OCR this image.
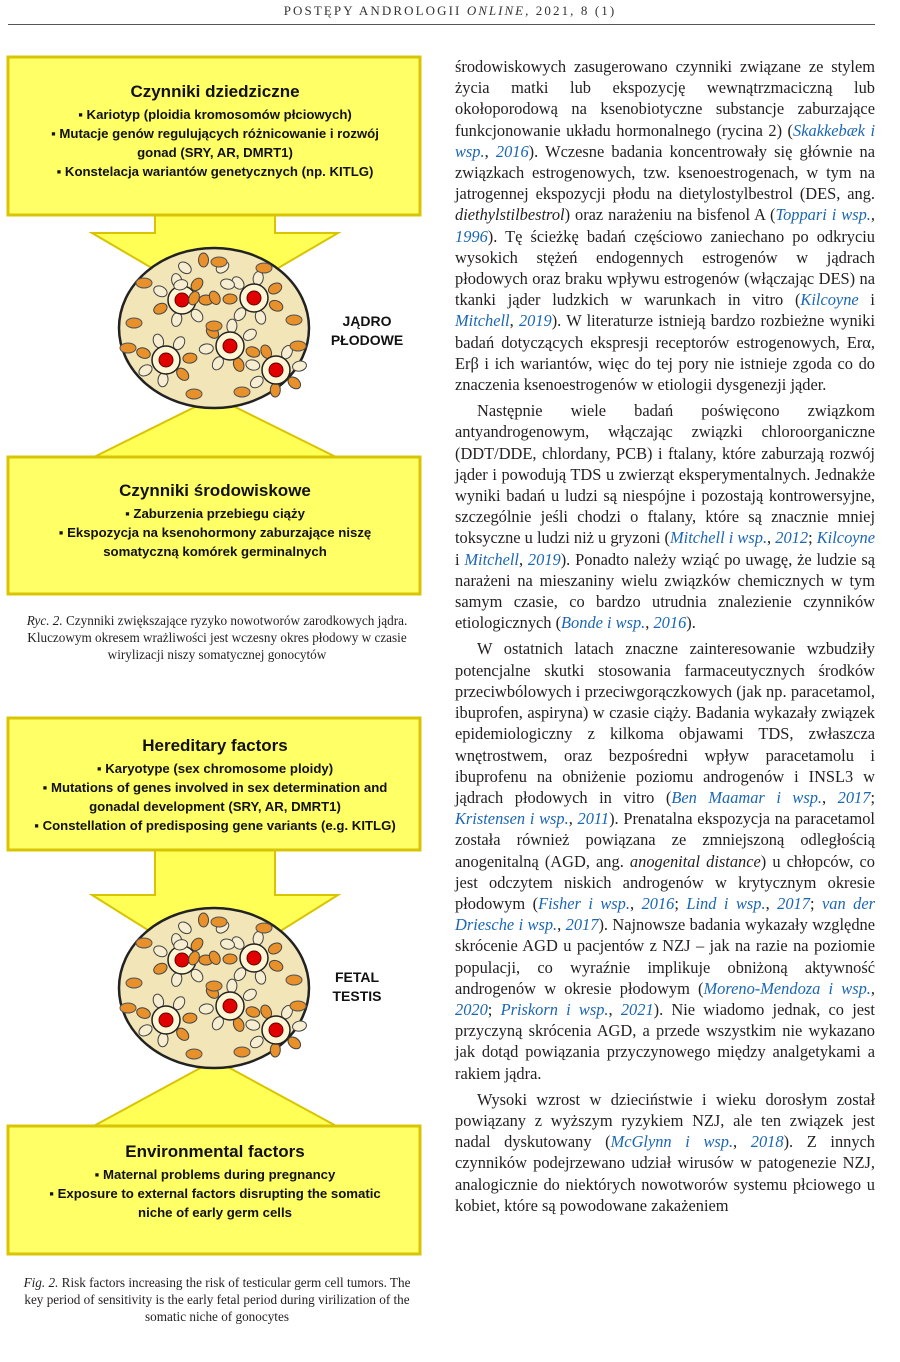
POSTĘPY ANDROLOGII ONLINE, 2021, 8 (1)
Czynniki dziedziczne
▪ Kariotyp (ploidia kromosomów płciowych)
▪ Mutacje genów regulujących różnicowanie i rozwój
gonad (SRY, AR, DMRT1)
▪ Konstelacja wariantów genetycznych (np. KITLG)
JĄDRO
PŁODOWE
Czynniki środowiskowe
▪ Zaburzenia przebiegu ciąży
▪ Ekspozycja na ksenohormony zaburzające niszę
somatyczną komórek germinalnych
Ryc. 2. Czynniki zwiększające ryzyko nowotworów zarodkowych jądra.
Kluczowym okresem wrażliwości jest wczesny okres płodowy w czasie
wirylizacji niszy somatycznej gonocytów
Hereditary factors
▪ Karyotype (sex chromosome ploidy)
▪ Mutations of genes involved in sex determination and
gonadal development (SRY, AR, DMRT1)
▪ Constellation of predisposing gene variants (e.g. KITLG)
FETAL
TESTIS
Environmental factors
▪ Maternal problems during pregnancy
▪ Exposure to external factors disrupting the somatic
niche of early germ cells
Fig. 2. Risk factors increasing the risk of testicular germ cell tumors. The
key period of sensitivity is the early fetal period during virilization of the
somatic niche of gonocytes

środowiskowych zasugerowano czynniki związane ze stylem życia matki lub ekspozycję wewnątrzmaciczną lub okołoporodową na ksenobiotyczne substancje zaburzające funkcjonowanie układu hormonalnego (rycina 2) (Skakkebæk i wsp., 2016). Wczesne badania koncentrowały się głównie na związkach estrogenowych, tzw. ksenoestrogenach, w tym na jatrogennej ekspozycji płodu na dietylostylbestrol (DES, ang. diethylstilbestrol) oraz narażeniu na bisfenol A (Toppari i wsp., 1996). Tę ścieżkę badań częściowo zaniechano po odkryciu wysokich stężeń endogennych estrogenów w jądrach płodowych oraz braku wpływu estrogenów (włączając DES) na tkanki jąder ludzkich w warunkach in vitro (Kilcoyne i Mitchell, 2019). W literaturze istnieją bardzo rozbieżne wyniki badań dotyczących ekspresji receptorów estrogenowych, Erα, Erβ i ich wariantów, więc do tej pory nie istnieje zgoda co do znaczenia ksenoestrogenów w etiologii dysgenezji jąder.

Następnie wiele badań poświęcono związkom antyandrogenowym, włączając związki chloroorganiczne (DDT/DDE, chlordany, PCB) i ftalany, które zaburzają rozwój jąder i powodują TDS u zwierząt eksperymentalnych. Jednakże wyniki badań u ludzi są niespójne i pozostają kontrowersyjne, szczególnie jeśli chodzi o ftalany, które są znacznie mniej toksyczne u ludzi niż u gryzoni (Mitchell i wsp., 2012; Kilcoyne i Mitchell, 2019). Ponadto należy wziąć po uwagę, że ludzie są narażeni na mieszaniny wielu związków chemicznych w tym samym czasie, co bardzo utrudnia znalezienie czynników etiologicznych (Bonde i wsp., 2016).

W ostatnich latach znaczne zainteresowanie wzbudziły potencjalne skutki stosowania farmaceutycznych środków przeciwbólowych i przeciwgorączkowych (jak np. paracetamol, ibuprofen, aspiryna) w czasie ciąży. Badania wykazały związek epidemiologiczny z kilkoma objawami TDS, zwłaszcza wnętrostwem, oraz bezpośredni wpływ paracetamolu i ibuprofenu na obniżenie poziomu androgenów i INSL3 w jądrach płodowych in vitro (Ben Maamar i wsp., 2017; Kristensen i wsp., 2011). Prenatalna ekspozycja na paracetamol została również powiązana ze zmniejszoną odległością anogenitalną (AGD, ang. anogenital distance) u chłopców, co jest odczytem niskich androgenów w krytycznym okresie płodowym (Fisher i wsp., 2016; Lind i wsp., 2017; van der Driesche i wsp., 2017). Najnowsze badania wykazały względne skrócenie AGD u pacjentów z NZJ – jak na razie na poziomie populacji, co wyraźnie implikuje obniżoną aktywność androgenów w okresie płodowym (Moreno-Mendoza i wsp., 2020; Priskorn i wsp., 2021). Nie wiadomo jednak, co jest przyczyną skrócenia AGD, a przede wszystkim nie wykazano jak dotąd powiązania przyczynowego między analgetykami a rakiem jądra.

Wysoki wzrost w dzieciństwie i wieku dorosłym został powiązany z wyższym ryzykiem NZJ, ale ten związek jest nadal dyskutowany (McGlynn i wsp., 2018). Z innych czynników podejrzewano udział wirusów w patogenezie NZJ, analogicznie do niektórych nowotworów systemu płciowego u kobiet, które są powodowane zakażeniem
